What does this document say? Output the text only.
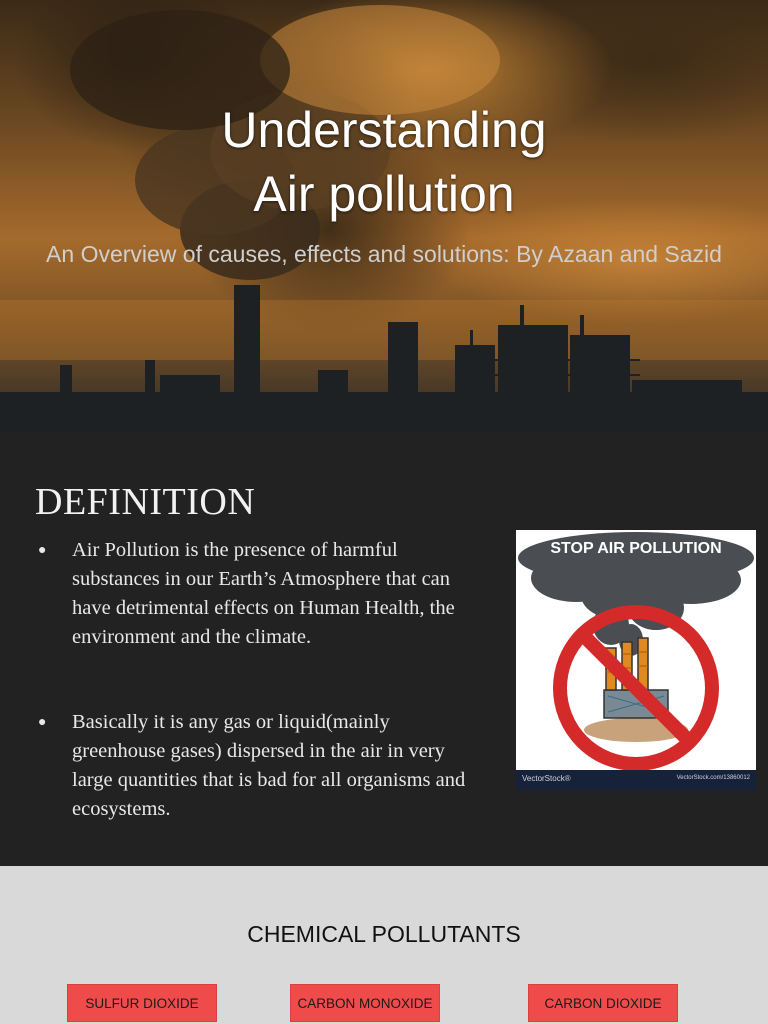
Understanding
Air pollution
An Overview of causes, effects and solutions: By Azaan and Sazid
DEFINITION
● Air Pollution is the presence of harmful substances in our Earth’s Atmosphere that can have detrimental effects on Human Health, the environment and the climate.
● Basically it is any gas or liquid(mainly greenhouse gases) dispersed in the air in very large quantities that is bad for all organisms and ecosystems.
STOP AIR POLLUTION
VectorStock®	VectorStock.com/13860012
CHEMICAL POLLUTANTS
SULFUR DIOXIDE	CARBON MONOXIDE	CARBON DIOXIDE
